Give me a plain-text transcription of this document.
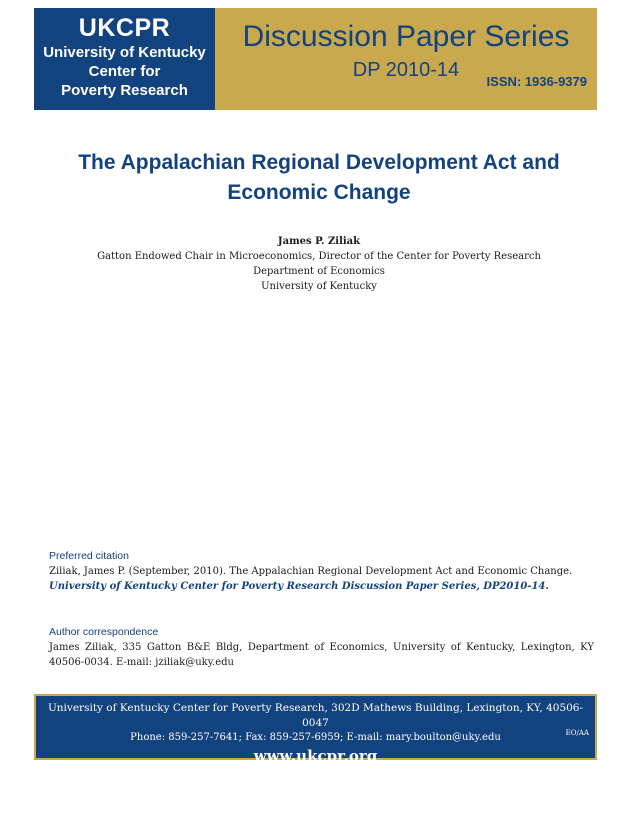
UKCPR
University of Kentucky
Center for
Poverty Research
Discussion Paper Series
DP 2010-14
ISSN: 1936-9379
The Appalachian Regional Development Act and
Economic Change
James P. Ziliak
Gatton Endowed Chair in Microeconomics, Director of the Center for Poverty Research
Department of Economics
University of Kentucky
Preferred citation
Ziliak, James P. (September, 2010). The Appalachian Regional Development Act and Economic Change.
University of Kentucky Center for Poverty Research Discussion Paper Series, DP2010-14.
Author correspondence
James Ziliak, 335 Gatton B&E Bldg, Department of Economics, University of Kentucky, Lexington, KY 40506-0034. E-mail: jziliak@uky.edu
University of Kentucky Center for Poverty Research, 302D Mathews Building, Lexington, KY, 40506-0047
Phone: 859-257-7641; Fax: 859-257-6959; E-mail: mary.boulton@uky.edu
www.ukcpr.org
EO/AA
